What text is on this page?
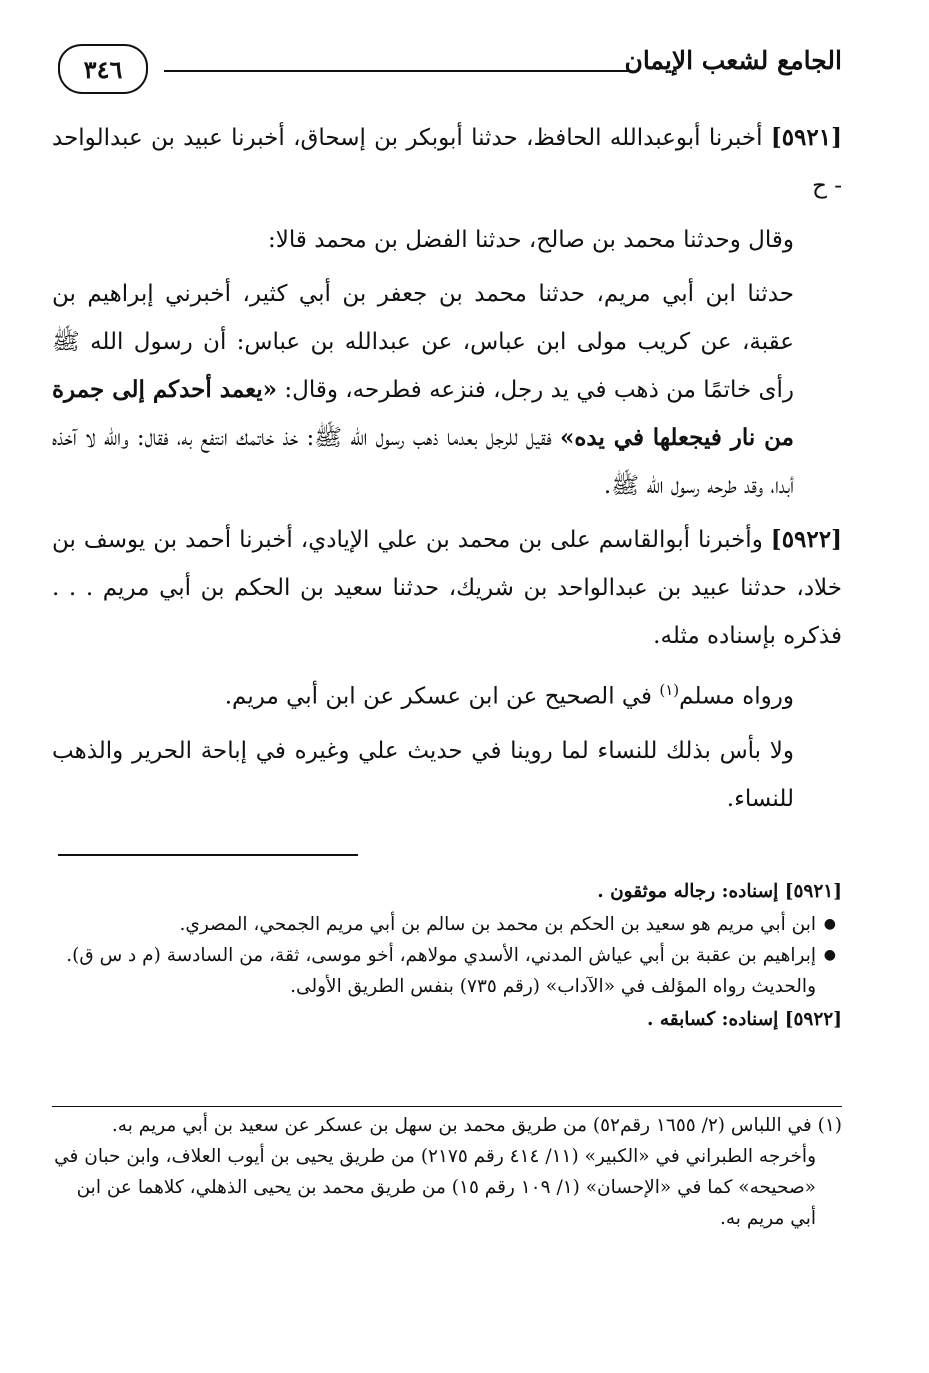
الجامع لشعب الإيمان
٣٤٦

[٥٩٢١] أخبرنا أبوعبدالله الحافظ، حدثنا أبوبكر بن إسحاق، أخبرنا عبيد بن عبدالواحد - ح

وقال وحدثنا محمد بن صالح، حدثنا الفضل بن محمد قالا:

حدثنا ابن أبي مريم، حدثنا محمد بن جعفر بن أبي كثير، أخبرني إبراهيم بن عقبة، عن كريب مولى ابن عباس، عن عبدالله بن عباس: أن رسول الله ﷺ رأى خاتمًا من ذهب في يد رجل، فنزعه فطرحه، وقال: «يعمد أحدكم إلى جمرة من نار فيجعلها في يده» فقيل للرجل بعدما ذهب رسول الله ﷺ: خذ خاتمك انتفع به، فقال: والله لا آخذه أبدا، وقد طرحه رسول الله ﷺ.

[٥٩٢٢] وأخبرنا أبوالقاسم على بن محمد بن علي الإيادي، أخبرنا أحمد بن يوسف بن خلاد، حدثنا عبيد بن عبدالواحد بن شريك، حدثنا سعيد بن الحكم بن أبي مريم . . . فذكره بإسناده مثله.

ورواه مسلم$^{(١)}$ في الصحيح عن ابن عسكر عن ابن أبي مريم.

ولا بأس بذلك للنساء لما روينا في حديث علي وغيره في إباحة الحرير والذهب للنساء.

[٥٩٢١] إسناده: رجاله موثقون .

● ابن أبي مريم هو سعيد بن الحكم بن محمد بن سالم بن أبي مريم الجمحي، المصري.
● إبراهيم بن عقبة بن أبي عياش المدني، الأسدي مولاهم، أخو موسى، ثقة، من السادسة (م د س ق).

والحديث رواه المؤلف في «الآداب» (رقم ٧٣٥) بنفس الطريق الأولى.

[٥٩٢٢] إسناده: كسابقه .

(١) في اللباس (٢/ ١٦٥٥ رقم٥٢) من طريق محمد بن سهل بن عسكر عن سعيد بن أبي مريم به.

وأخرجه الطبراني في «الكبير» (١١/ ٤١٤ رقم ٢١٧٥) من طريق يحيى بن أيوب العلاف، وابن حبان في «صحيحه» كما في «الإحسان» (١/ ١٠٩ رقم ١٥) من طريق محمد بن يحيى الذهلي، كلاهما عن ابن أبي مريم به.
